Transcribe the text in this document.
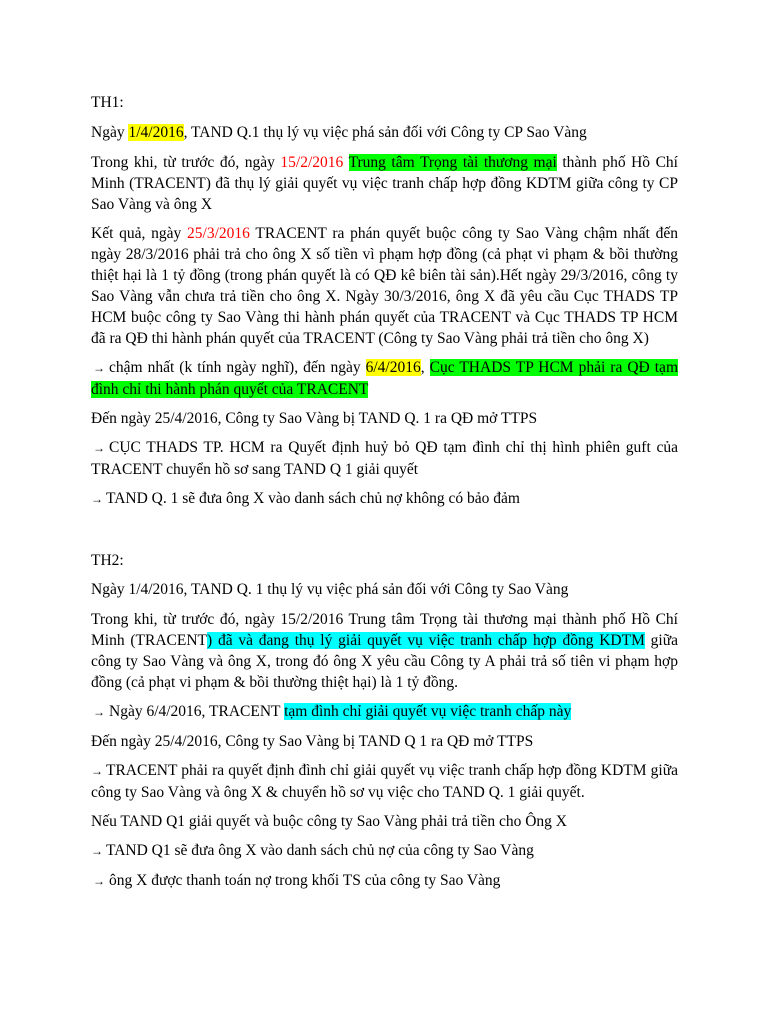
TH1:

Ngày 1/4/2016, TAND Q.1 thụ lý vụ việc phá sản đối với Công ty CP Sao Vàng

Trong khi, từ trước đó, ngày 15/2/2016 Trung tâm Trọng tài thương mại thành phố Hồ Chí Minh (TRACENT) đã thụ lý giải quyết vụ việc tranh chấp hợp đồng KDTM giữa công ty CP Sao Vàng và ông X

Kết quả, ngày 25/3/2016 TRACENT ra phán quyết buộc công ty Sao Vàng chậm nhất đến ngày 28/3/2016 phải trả cho ông X số tiền vì phạm hợp đồng (cả phạt vi phạm & bồi thường thiệt hại là 1 tỷ đồng (trong phán quyết là có QĐ kê biên tài sản).Hết ngày 29/3/2016, công ty Sao Vàng vẫn chưa trả tiền cho ông X. Ngày 30/3/2016, ông X đã yêu cầu Cục THADS TP HCM buộc công ty Sao Vàng thi hành phán quyết của TRACENT và Cục THADS TP HCM đã ra QĐ thi hành phán quyết của TRACENT (Công ty Sao Vàng phải trả tiền cho ông X)

→ chậm nhất (k tính ngày nghĩ), đến ngày 6/4/2016, Cục THADS TP HCM phải ra QĐ tạm đình chỉ thi hành phán quyết của TRACENT

Đến ngày 25/4/2016, Công ty Sao Vàng bị TAND Q. 1 ra QĐ mở TTPS

→ CỤC THADS TP. HCM ra Quyết định huỷ bỏ QĐ tạm đình chỉ thị hình phiên guft của TRACENT chuyển hồ sơ sang TAND Q 1 giải quyết

→ TAND Q. 1 sẽ đưa ông X vào danh sách chủ nợ không có bảo đảm

TH2:

Ngày 1/4/2016, TAND Q. 1 thụ lý vụ việc phá sản đối với Công ty Sao Vàng

Trong khi, từ trước đó, ngày 15/2/2016 Trung tâm Trọng tài thương mại thành phố Hồ Chí Minh (TRACENT) đã và đang thụ lý giải quyết vụ việc tranh chấp hợp đồng KDTM giữa công ty Sao Vàng và ông X, trong đó ông X yêu cầu Công ty A phải trả số tiên vi phạm hợp đồng (cả phạt vi phạm & bồi thường thiệt hại) là 1 tỷ đồng.

→ Ngày 6/4/2016, TRACENT tạm đình chỉ giải quyết vụ việc tranh chấp này

Đến ngày 25/4/2016, Công ty Sao Vàng bị TAND Q 1 ra QĐ mở TTPS

→ TRACENT phải ra quyết định đình chỉ giải quyết vụ việc tranh chấp hợp đồng KDTM giữa công ty Sao Vàng và ông X & chuyển hồ sơ vụ việc cho TAND Q. 1 giải quyết.

Nếu TAND Q1 giải quyết và buộc công ty Sao Vàng phải trả tiền cho Ông X

→ TAND Q1 sẽ đưa ông X vào danh sách chủ nợ của công ty Sao Vàng

→ ông X được thanh toán nợ trong khối TS của công ty Sao Vàng
